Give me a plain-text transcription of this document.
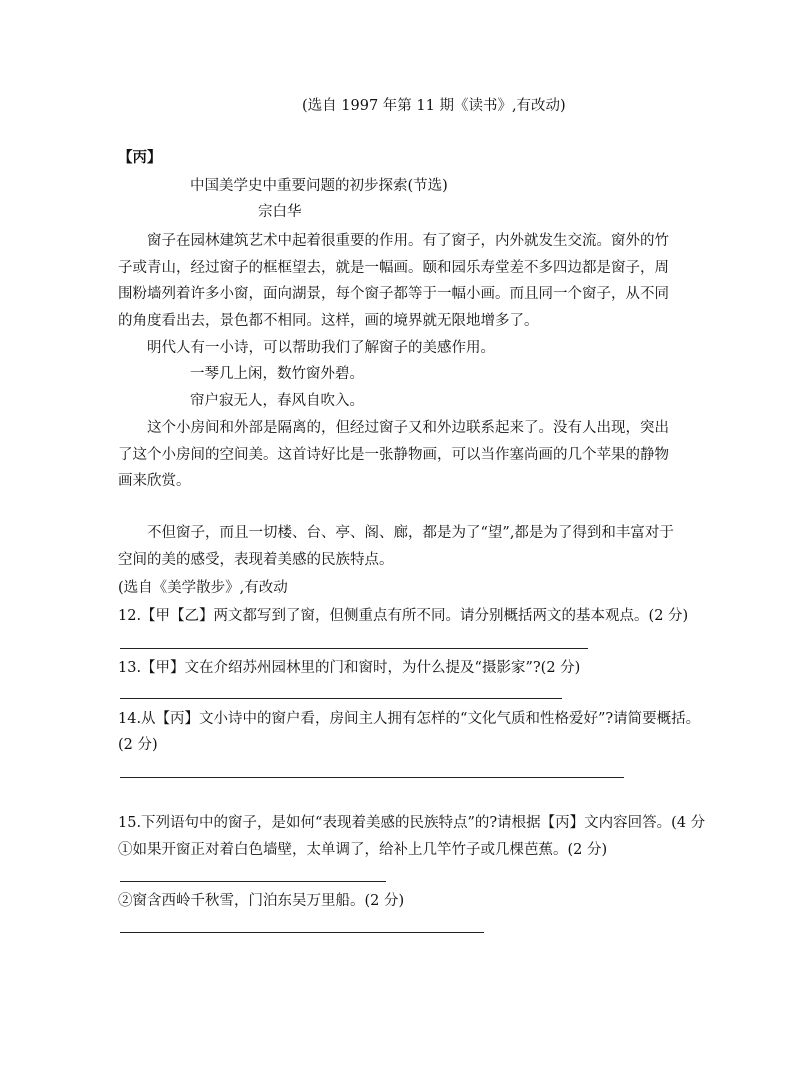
(选自 1997 年第 11 期《读书》,有改动)
【丙】
中国美学史中重要问题的初步探索(节选)
宗白华

窗子在园林建筑艺术中起着很重要的作用。有了窗子，内外就发生交流。窗外的竹子或青山，经过窗子的框框望去，就是一幅画。颐和园乐寿堂差不多四边都是窗子，周围粉墙列着许多小窗，面向湖景，每个窗子都等于一幅小画。而且同一个窗子，从不同的角度看出去，景色都不相同。这样，画的境界就无限地增多了。

明代人有一小诗，可以帮助我们了解窗子的美感作用。

一琴几上闲，数竹窗外碧。
帘户寂无人，春风自吹入。

这个小房间和外部是隔离的，但经过窗子又和外边联系起来了。没有人出现，突出了这个小房间的空间美。这首诗好比是一张静物画，可以当作塞尚画的几个苹果的静物画来欣赏。

不但窗子，而且一切楼、台、亭、阁、廊，都是为了“望”,都是为了得到和丰富对于空间的美的感受，表现着美感的民族特点。

(选自《美学散步》,有改动
12.【甲【乙】两文都写到了窗，但侧重点有所不同。请分别概括两文的基本观点。(2 分)
13.【甲】文在介绍苏州园林里的门和窗时，为什么提及“摄影家”?(2 分)
14.从【丙】文小诗中的窗户看，房间主人拥有怎样的“文化气质和性格爱好”?请简要概括。
(2 分)
15.下列语句中的窗子，是如何“表现着美感的民族特点”的?请根据【丙】文内容回答。(4 分
①如果开窗正对着白色墙壁，太单调了，给补上几竿竹子或几棵芭蕉。(2 分)
②窗含西岭千秋雪，门泊东吴万里船。(2 分)
